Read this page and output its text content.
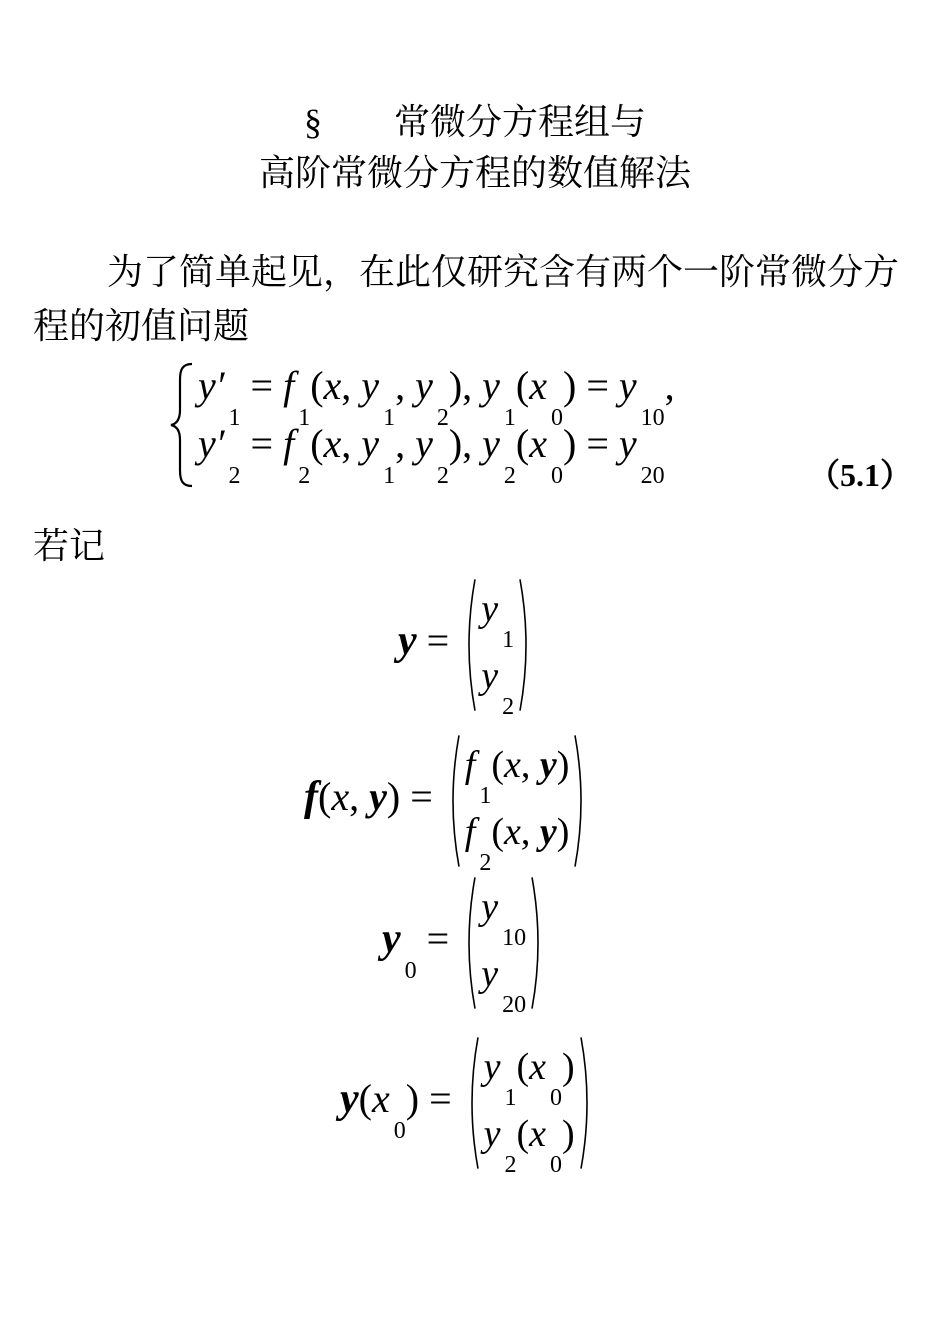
§ 常微分方程组与
高阶常微分方程的数值解法
为了简单起见，在此仅研究含有两个一阶常微分方程的初值问题
$y'_1 = f_1(x$, $y_1$, $y_2$), $y_1(x_0) = y_{10}$,
$y'_2 = f_2(x$, $y_1$, $y_2$), $y_2(x_0) = y_{20}$	（5.1）
若记
y =
$y_1$
$y_2$
f(x, y) =
$f_1(x$, y)
$f_2(x$, y)
$y_0$ =
$y_{10}$
$y_{20}$
$y(x_0)$ =
$y_1(x_0)$
$y_2(x_0)$
